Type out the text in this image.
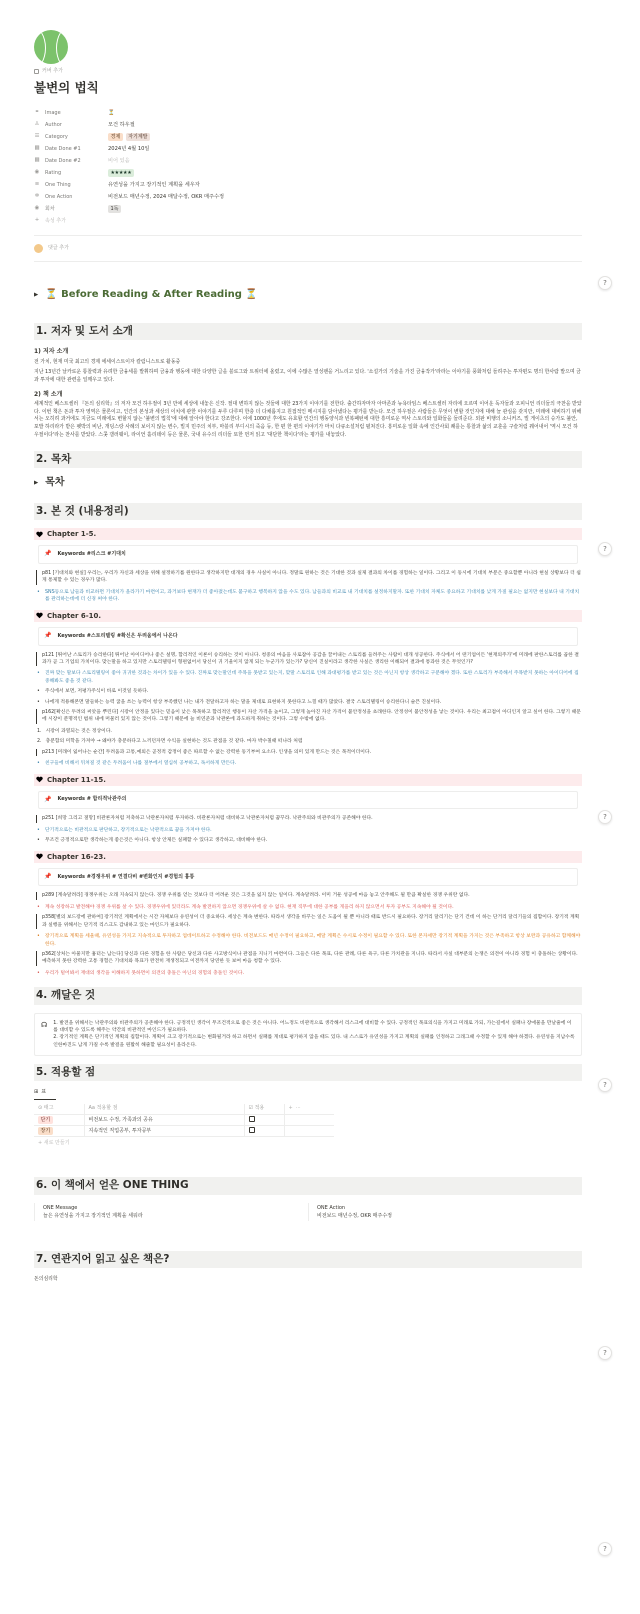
커버 추가
불변의 법칙
⚭ Image	⏳
♙ Author	모건 하우절
☰ Category	경제	자기계발
▦ Date Done #1	2024년 4월 10일
▦ Date Done #2	비어 있음
◉ Rating	★★★★★
≡ One Thing	유연성을 가지고 장기적인 계획을 세우자
✲ One Action	비전보드 매년수정, 2024 매달수정, OKR 매주수정
◉ 회차	1독
+ 속성 추가
댓글 추가
▶ ⏳ Before Reading & After Reading ⏳
1. 저자 및 도서 소개
1) 저자 소개
전 가치, 현재 미국 최고의 경제 에세이스트이자 칼럼니스트로 활동중
지난 13년간 날카로운 통찰력과 유려한 금융세를 발휘하며 금융과 행동에 대한 다양한 글을 블로그와 트위터에 올렸고, 이에 수많은 열성팬을 거느리고 있다. '소설가의 기술을 가진 금융작가'라라는 이야기를 풍화처럼 들려주는 투자편도 명의 한사람 발으며 금과 투자에 대한 관련을 일깨우고 있다.
2) 책 소개
세계적인 베스트셀러 『돈의 심리학』의 저자 모건 하우절이 3년 만에 세상에 내놓은 신작. 절대 변하지 않는 것들에 대한 23가지 이야기를 전한다. 출간하자마자 아마존과 뉴욕타임스 베스트셀러 자리에 오르며 이어운 독자들과 오피니언 리더들의 극찬을 받았다. 이번 책은 돈과 투자 영역은 물론이고, 인간의 본성과 세상의 이치에 관한 이야기를 두루 다루며 한층 더 다채롭지고 원접적인 메시지를 담아냈다는 평가를 받는다. 모건 하우절은 사람들은 무엇이 변할 것인지에 대해 늘 관심을 갖지만, 미래에 대비하기 위해서는 오히려 과거에도 지금도 미래에도 변할지 않는 '불변의 법칙'에 대해 알아야 한다고 강조한다. 이에 1000년 후에도 유효할 인간의 행동양식과 빈복패턴에 대한 흥미로운 역사 스토리와 일화들을 들려준다. 외판 비행의 소니커즈, 빌 게이츠의 승가도 불안, 포발 하리라가 받은 펫박의 비난, 개덩스랑 사례의 보이지 않는 변수, 빌지 민주의 치부, 마블리 부디시의 죽음 등, 한 편 한 편의 이야기가 마치 다큐소설처럼 펼쳐진다. 흥미로운 일화 속에 인간사회 쾌를는 통찰과 삶의 교훈을 구슬처럼 꿰어내어 '역시 모건 하우절이다'라는 찬사를 받았다. 스콧 갤러웨이, 라이언 홀리데이 등은 물론, 국내 유수의 리더들 또한 먼저 읽고 '대단한 책이다'라는 평가를 내놓았다.
2. 목차
▶ 목차
3. 본 것 (내용정리)
Chapter 1-5.
📌 Keywords #리스크 #기대치
p81 [기대치와 현실] 우리는, 우리가 자신과 세상을 위해 설정하기를 원한다고 생각하지만 대개의 경우 사실이 아니다. 정말로 원하는 것은 기대한 것과 실제 결과의 차이를 경험하는 일이다. 그리고 이 동시에 기대치 부분은 중요할뿐 아니라 현실 상황보다 더 쉽게 통제할 수 있는 경우가 많다.
• SNS등으로 남들과 비교하면 기대치가 올라가기 마련이고, 과거보다 현재가 더 좋아졌는데도 불구하고 행복하지 않을 수도 있다. 남들과의 비교로 내 기대치를 설정하지말자. 또한 기대치 자체도 중요하고 기대치를 낮게 가질 필요는 없지만 현실보다 내 기대치를 관리하는데에 더 신경 써야 한다.
Chapter 6-10.
📌 Keywords #스토리텔링 #확신은 두려움에서 나온다
p121 [뛰어난 스토리가 승리한다] 뛰어난 아이디어나 좋은 설명, 합리적인 이론이 승리하는 것이 아니다. 청중의 마음을 사로잡아 공감을 끌어내는 스토리를 들려주는 사람이 대개 성공한다. 주식에서 어 떤기업이든 '현재의주가'에 미래에 판한스토리를 곱한 결과가 곧 그 기업의 가치이다. 맞는말을 하고 있지만 스토리텔링이 형편없어서 당신이 귀 기울이지 않게 되는 누군가가 있는가? 당신이 진실이라고 생각한 사실은 생리한 이해되어 결과에 통과한 것은 무엇인가?
• 진짜 맞는 말보다 스토리텔링이 좋아 귀귀한 것과는 차이가 있을 수 있다. 진짜로 맞는말인데 주목을 못받고 있는지, 맞말 스토리로 인해 과대평가를 받고 있는 것은 아닌지 항상 생각하고 구분해야 겠다. 또한 스토리가 부족해서 주목받지 못하는 아이디어에 집중해봐도 좋을 것 같다.
• 주식에서 보면, 저평가주식이 바로 이것일 듯하다.
• 나에게 적용해본면 말들하는 능력 굽을 쓰는 능력이 항상 부족했던 나는 내가 전달하고자 하는 말을 제대로 표현하지 못한다고 느낄 때가 많았다. 결국 스토리텔링이 승리한다니 슬픈 진실이다.
p162[확신은 두려의 씨앗을 뿌린다] 시장이 안정을 있다는 믿음이 낮은 목목하고 합리적인 행동이 자산 가격을 높이고, 그렇게 높아진 자산 가격이 불안정성을 초래한다. 안정성이 불안정성을 낳는 것이다. 우리는 최고점이 아디인지 알고 싶어 한다. 그렇기 때문에 시장이 분명적인 범위 내에 머물러 있지 않는 것이다. 그렇기 때문에 늘 비연준과 낙관론에 과도하게 취하는 것이다. 그렇 수밖에 없다.
1. 시장이 과열되는 것은 정상이다.
2. 충분함의 미학을 가져야 → 왜야가 충분하다고 느끼던자면 수익을 실현하는 것도 관점을 것 같다. 마자 박수칠때 떠나라 처럼
p213 [미래이 잃어나는 순간] 두려움과 고통,예외은 곧정적 감정이 좋은 따르할 수 없는 강력한 동기부여 요소다. 인생을 의미 있게 만드는 것은 목적이더이다.
• 친구들에 비해서 뒤쳐질 것 같은 두려움이 나를 절부에서 열심히 공부하고, 독서하게 만든다.
Chapter 11-15.
📌 Keywords # 합리적낙관주의
p251 [희망 그리고 절망] 비관론자처럼 저축하고 낙관론자처럼 투자하라. 비관론자처럼 대비하고 낙관론자처럼 꿈꾸라. 낙관주의와 비관주의가 공존해야 한다.
• 단기적으로는 비관적으로 판단하고, 장기적으로는 낙관적으로 꿈을 가져야 한다.
• 무조건 긍정적으로만 생각하는게 좋은것은 아니다. 항상 안제든 실패할 수 있다고 생각하고, 대비해야 한다.
Chapter 16-23.
📌 Keywords #경쟁우위 # 연결다비 #변화인지 #경험의 흉통
p289 [계속달려라] 경쟁우위는 오래 지속되지 않는다. 경쟁 우위를 얻는 것보다 더 어려운 것은 그것을 잃지 않는 일이다. 계속달려라. 이미 거둔 성공에 마음 놓고 안주해도 될 만큼 확실한 경쟁 우위란 없다.
• 계속 성장하고 발전해야 경쟁 우위를 살 수 있다. 경쟁우위에 있더라도 계속 발전하지 않으면 경쟁우위에 살 수 없다. 현재 직무에 대한 공부를 게을리 하지 않으면서 투자 공부도 지속해야 될 것이다.
p358[별의 보드장에 관하여] 장기적인 계획에서는 시간 자체보다 유연성이 더 중요하다. 세상은 계속 변한다. 따라서 생각을 바꾸는 일은 도움이 될 뿐 아니라 때로 반드시 필요하다. 장거리 달리기는 단기 건데 이 하는 단거리 달리기들의 집합이다. 장기적 계획과 실행을 위해서는 단기적 리스크도 감내하고 있는 마인드가 필요하다.
• 장기적으로 계획을 세울때, 유연성을 가지고 지속적으로 투자하고 업데이트하고 수정해야 한다. 비전보드도 매년 수정이 필요하고, 매달 계획은 수시로 수정이 필요할 수 있다. 또한 본자세만 장기적 계획을 가지는 것은 부족하고 항상 보완과 공유하고 함께해야 한다.
p362[상처는 아물지만 흉터는 남는다] 당신과 다른 경험을 한 사람은 당신과 다른 사고방식이나 관점을 지니기 마련이다. 그들은 다른 목표, 다른 관례, 다른 욕구, 다른 가치관을 지니다. 따라서 사실 대부분의 논쟁은 의견이 아니라 경험 이 충돌하는 상황이다. 예측하지 못한 강력한 고통 경험은 기대치와 목표가 완전히 재생정되고 이전까지 당연한 듯 보여 마음 청할 수 있다.
• 우리가 털어봐서 재대의 생각을 이해하지 못하면이 의견의 충돌은 아닌의 경험의 충돌인 것이다.
4. 깨달은 것
☊ 1. 발전을 위해서는 낙관주의와 비관주의가 공존해야 한다. 긍정적인 생각이 무조건적으로 좋은 것은 아니다. 어느정도 비관적으로 생각해서 리스크에 대비할 수 있다. 긍정적인 목표의식을 가지고 미래로 가되, 가는길에서 실패나 장애물을 만날줄에 이를 대비할 수 있도록 해주는 약간의 비관적인 마인드가 필요하다.
2. 장기적인 계획은 단기적인 계획의 집합이다. 계획이 크고 장기적으로는 변화될거라 하고 하면서 실패를 게대로 평가하지 않을 때도 있다. 내 스스로가 유연성을 가지고 계획의 실패를 인정하고 그래그때 수정할 수 있게 해야 하겠다. 유연성을 지남수록 인한마진도 남게 가질 수록 발걸을 원활히 해줄할 필요성이 올라온다.
5. 적용할 점
⊞ 표
⊙ 태그	Aa 적용할 점	☑ 적용	+  ⋯
단기	비전보드 수정, 가족과의 공유		
장기	지속적인 직업공부, 투자공부		
+ 새로 만들기
6. 이 책에서 얻은 ONE THING
ONE Message
늘은 유연성을 가지고 장기적인 계획을 세워라
ONE Action
비전보드 매년수정, OKR 매주수정
7. 연관지어 읽고 싶은 책은?
돈의심리학
?
?
?
?
?
?
